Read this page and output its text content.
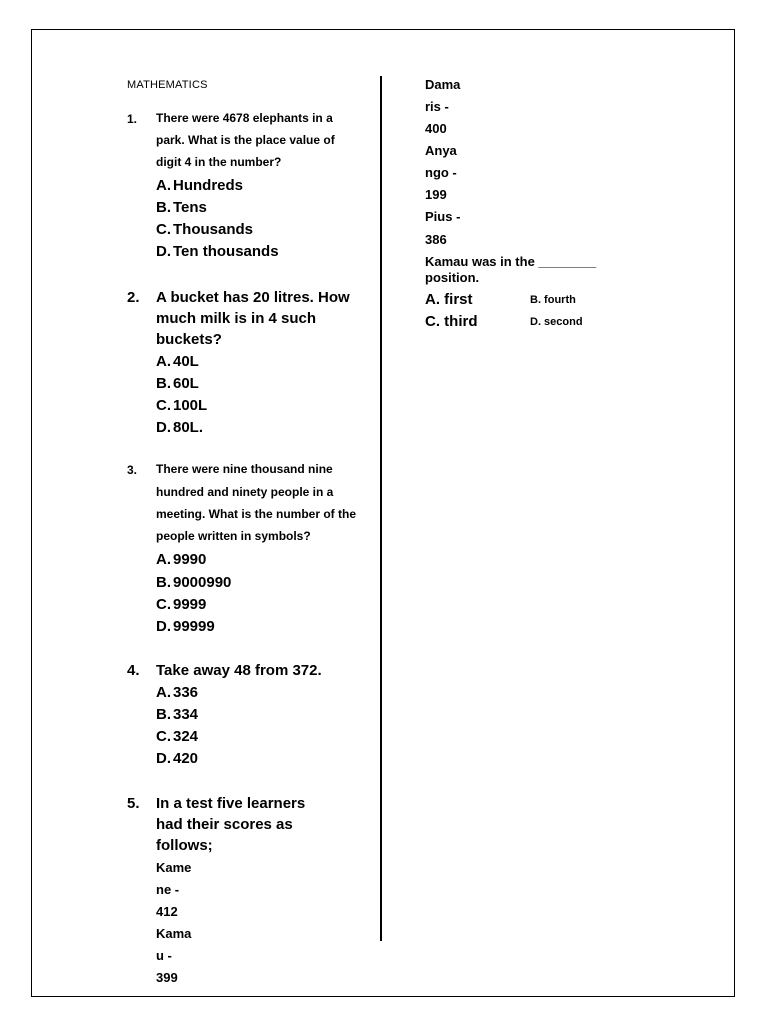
MATHEMATICS
1. There were 4678 elephants in a
park. What is the place value of
digit 4 in the number?
A. Hundreds
B. Tens
C. Thousands
D. Ten thousands
2. A bucket has 20 litres. How
much milk is in 4 such
buckets?
A. 40L
B. 60L
C. 100L
D. 80L.
3. There were nine thousand nine
hundred and ninety people in a
meeting. What is the number of the
people written in symbols?
A. 9990
B. 9000990
C. 9999
D. 99999
4. Take away 48 from 372.
A. 336
B. 334
C. 324
D. 420
5. In a test five learners
had their scores as
follows;
Kame
ne -
412
Kama
u -
399
Dama
ris -
400
Anya
ngo -
199
Pius -
386
Kamau was in the ________
position.
A. first	B. fourth
C. third	D. second
